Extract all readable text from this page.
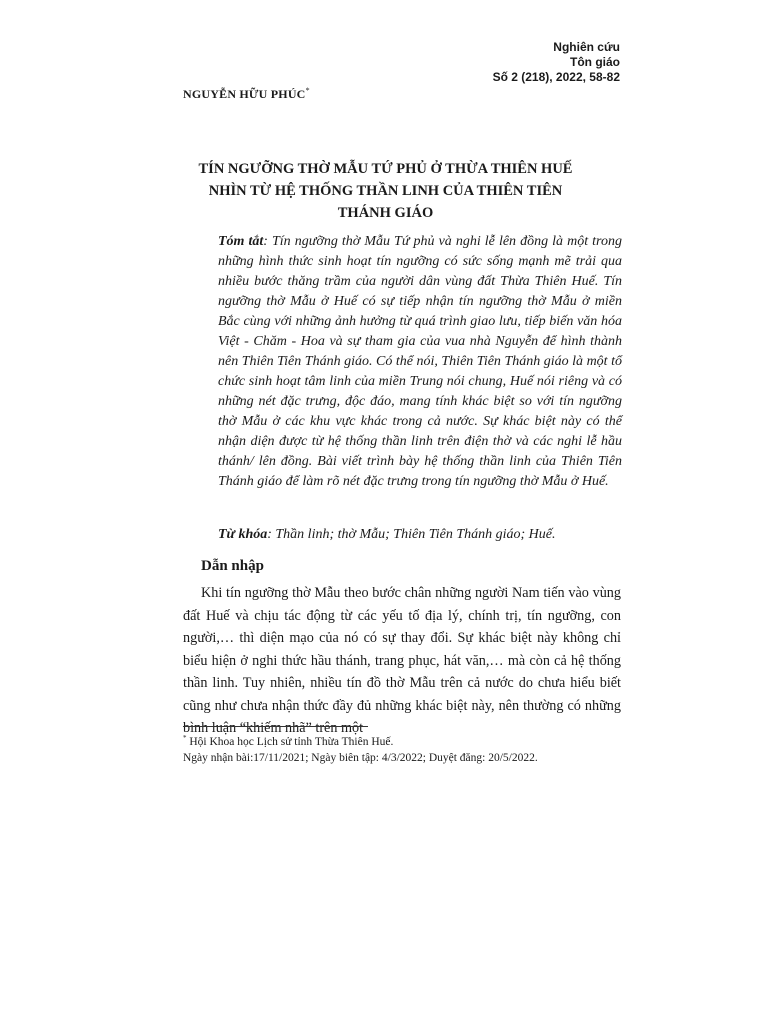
Nghiên cứu
Tôn giáo
Số 2 (218), 2022, 58-82
NGUYỄN HỮU PHÚC*
TÍN NGƯỠNG THỜ MẪU TỨ PHỦ Ở THỪA THIÊN HUẾ
NHÌN TỪ HỆ THỐNG THẦN LINH CỦA THIÊN TIÊN
THÁNH GIÁO
Tóm tắt: Tín ngưỡng thờ Mẫu Tứ phủ và nghi lễ lên đồng là một trong những hình thức sinh hoạt tín ngưỡng có sức sống mạnh mẽ trải qua nhiều bước thăng trầm của người dân vùng đất Thừa Thiên Huế. Tín ngưỡng thờ Mẫu ở Huế có sự tiếp nhận tín ngưỡng thờ Mẫu ở miền Bắc cùng với những ảnh hưởng từ quá trình giao lưu, tiếp biến văn hóa Việt - Chăm - Hoa và sự tham gia của vua nhà Nguyễn để hình thành nên Thiên Tiên Thánh giáo. Có thể nói, Thiên Tiên Thánh giáo là một tổ chức sinh hoạt tâm linh của miền Trung nói chung, Huế nói riêng và có những nét đặc trưng, độc đáo, mang tính khác biệt so với tín ngưỡng thờ Mẫu ở các khu vực khác trong cả nước. Sự khác biệt này có thể nhận diện được từ hệ thống thần linh trên điện thờ và các nghi lễ hầu thánh/ lên đồng. Bài viết trình bày hệ thống thần linh của Thiên Tiên Thánh giáo để làm rõ nét đặc trưng trong tín ngưỡng thờ Mẫu ở Huế.
Từ khóa: Thần linh; thờ Mẫu; Thiên Tiên Thánh giáo; Huế.
Dẫn nhập
Khi tín ngưỡng thờ Mẫu theo bước chân những người Nam tiến vào vùng đất Huế và chịu tác động từ các yếu tố địa lý, chính trị, tín ngưỡng, con người,… thì diện mạo của nó có sự thay đổi. Sự khác biệt này không chỉ biểu hiện ở nghi thức hầu thánh, trang phục, hát văn,… mà còn cả hệ thống thần linh. Tuy nhiên, nhiều tín đồ thờ Mẫu trên cả nước do chưa hiểu biết cũng như chưa nhận thức đầy đủ những khác biệt này, nên thường có những bình luận “khiếm nhã” trên một
* Hội Khoa học Lịch sử tỉnh Thừa Thiên Huế.
Ngày nhận bài:17/11/2021; Ngày biên tập: 4/3/2022; Duyệt đăng: 20/5/2022.
